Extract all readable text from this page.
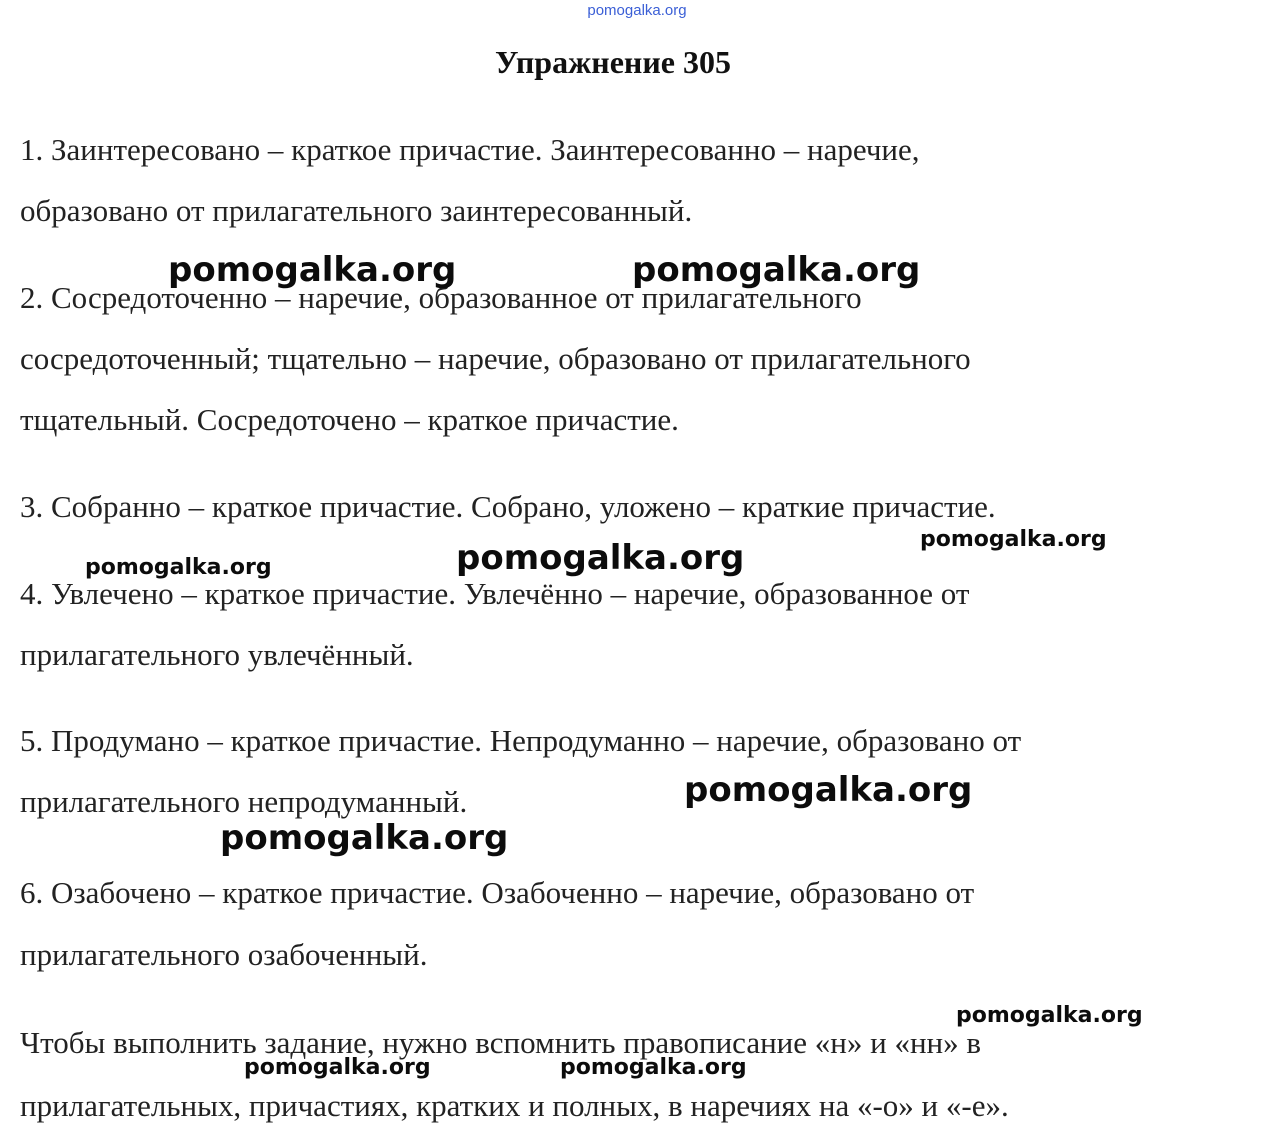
pomogalka.org
Упражнение 305
1. Заинтересовано – краткое причастие. Заинтересованно – наречие,
образовано от прилагательного заинтересованный.
2. Сосредоточенно – наречие, образованное от прилагательного
сосредоточенный; тщательно – наречие, образовано от прилагательного
тщательный. Сосредоточено – краткое причастие.
3. Собранно – краткое причастие. Собрано, уложено – краткие причастие.
4. Увлечено – краткое причастие. Увлечённо – наречие, образованное от
прилагательного увлечённый.
5. Продумано – краткое причастие. Непродуманно – наречие, образовано от
прилагательного непродуманный.
6. Озабочено – краткое причастие. Озабоченно – наречие, образовано от
прилагательного озабоченный.
Чтобы выполнить задание, нужно вспомнить правописание «н» и «нн» в
прилагательных, причастиях, кратких и полных, в наречиях на «-о» и «-е».
pomogalka.org	pomogalka.org
pomogalka.org
pomogalka.org
pomogalka.org
pomogalka.org
pomogalka.org
pomogalka.org
pomogalka.org	pomogalka.org
